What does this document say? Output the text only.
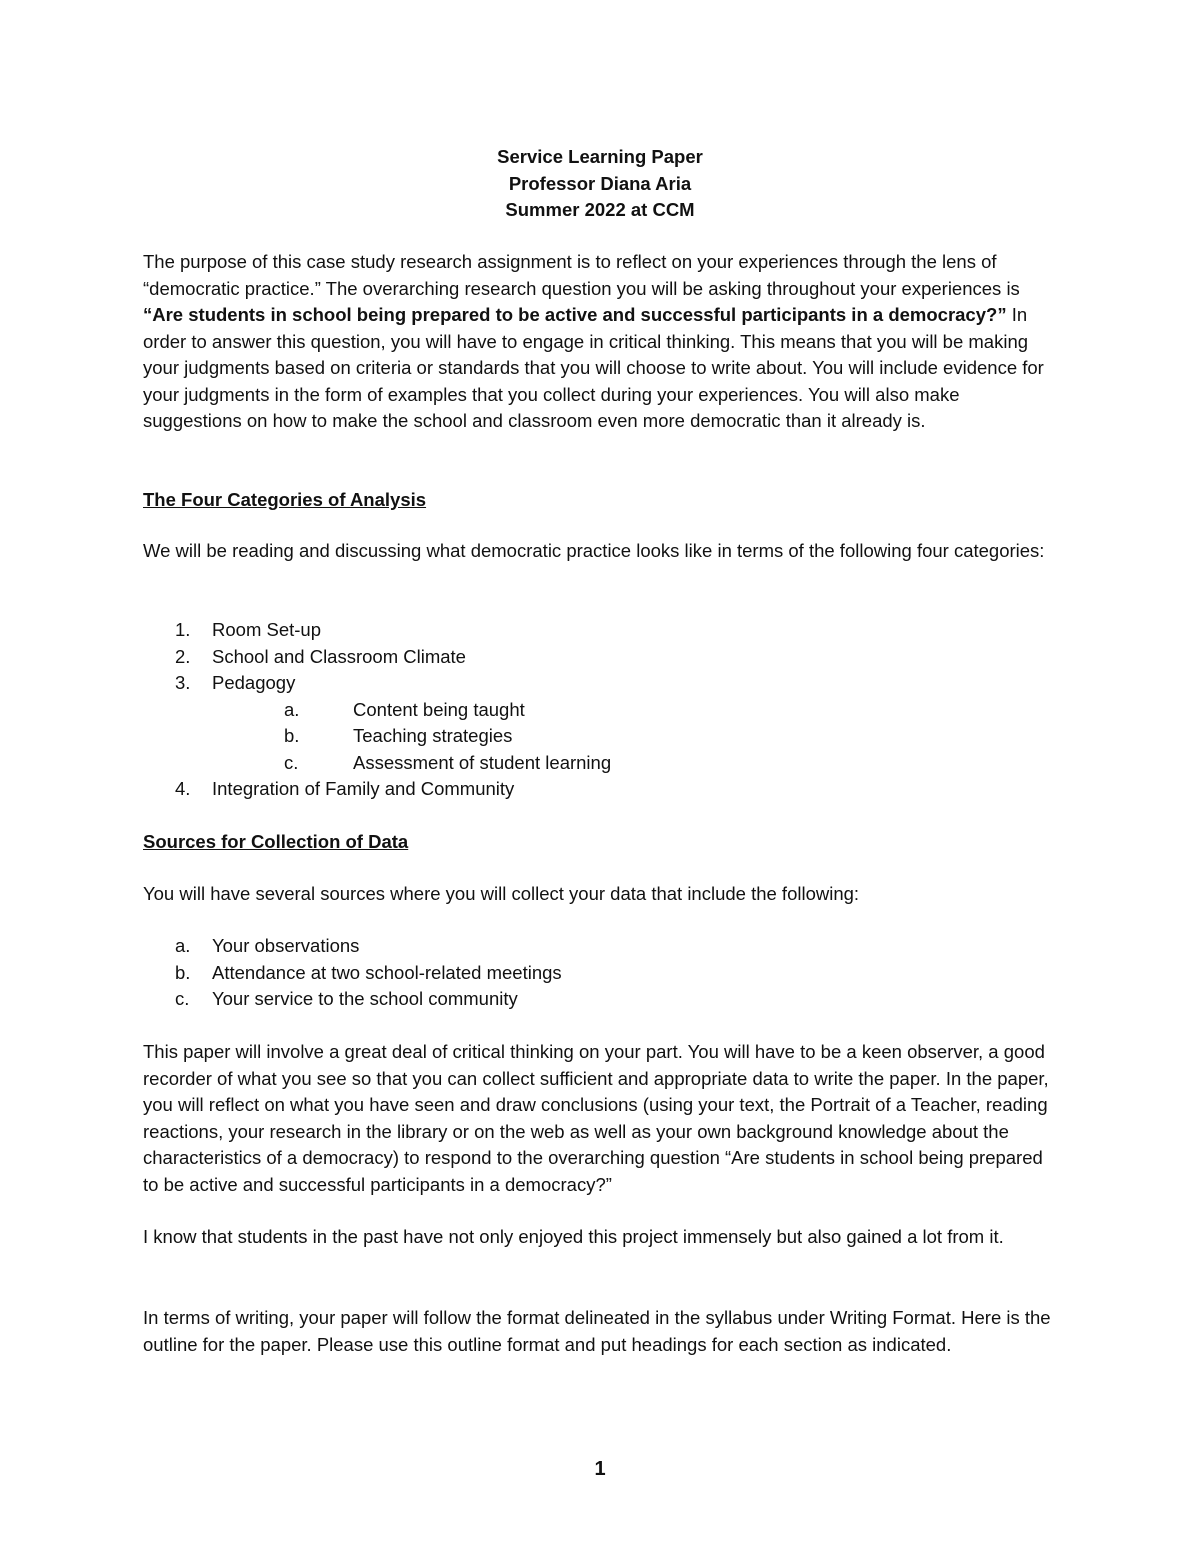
Service Learning Paper
Professor Diana Aria
Summer 2022 at CCM

The purpose of this case study research assignment is to reflect on your experiences through the lens of “democratic practice.” The overarching research question you will be asking throughout your experiences is “Are students in school being prepared to be active and successful participants in a democracy?” In order to answer this question, you will have to engage in critical thinking. This means that you will be making your judgments based on criteria or standards that you will choose to write about. You will include evidence for your judgments in the form of examples that you collect during your experiences. You will also make suggestions on how to make the school and classroom even more democratic than it already is.

The Four Categories of Analysis

We will be reading and discussing what democratic practice looks like in terms of the following four categories:

1.	Room Set-up
2.	School and Classroom Climate
3.	Pedagogy
a.	Content being taught
b.	Teaching strategies
c.	Assessment of student learning
4.	Integration of Family and Community

Sources for Collection of Data

You will have several sources where you will collect your data that include the following:

a.	Your observations
b.	Attendance at two school-related meetings
c.	Your service to the school community

This paper will involve a great deal of critical thinking on your part. You will have to be a keen observer, a good recorder of what you see so that you can collect sufficient and appropriate data to write the paper. In the paper, you will reflect on what you have seen and draw conclusions (using your text, the Portrait of a Teacher, reading reactions, your research in the library or on the web as well as your own background knowledge about the characteristics of a democracy) to respond to the overarching question “Are students in school being prepared to be active and successful participants in a democracy?”

I know that students in the past have not only enjoyed this project immensely but also gained a lot from it.

In terms of writing, your paper will follow the format delineated in the syllabus under Writing Format. Here is the outline for the paper. Please use this outline format and put headings for each section as indicated.

1
